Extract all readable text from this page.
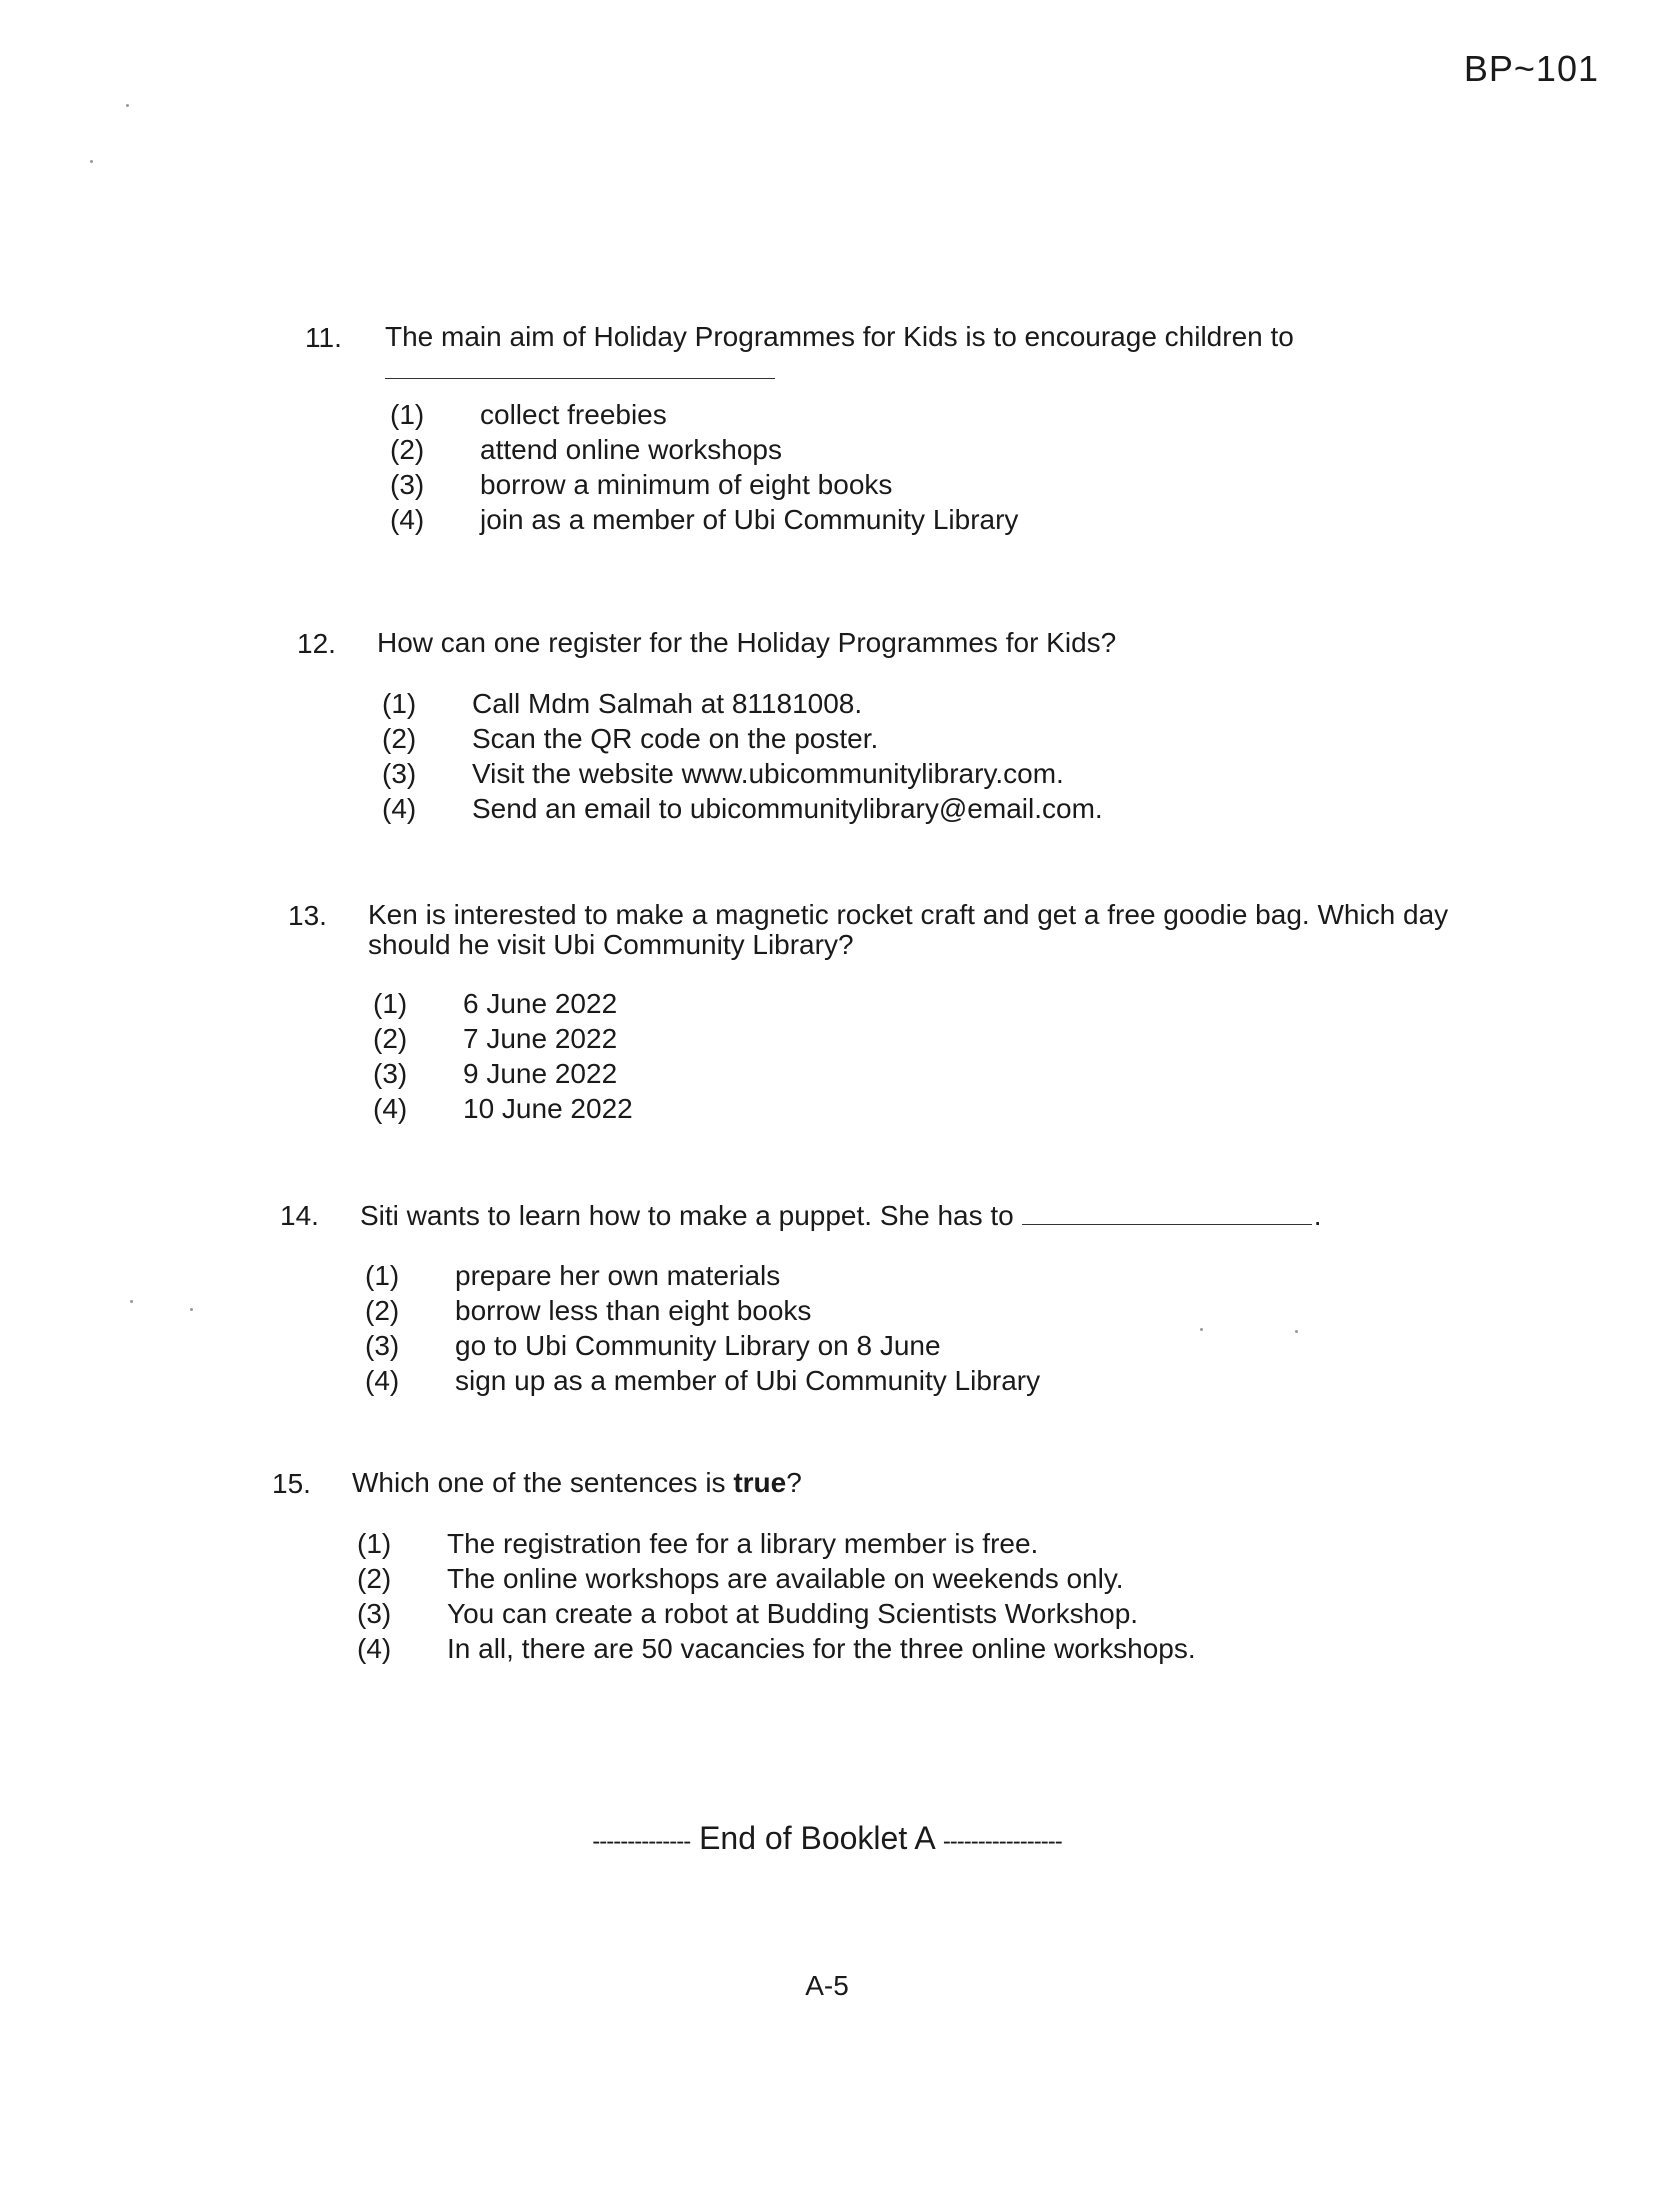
BP~101
11.	The main aim of Holiday Programmes for Kids is to encourage children to
(1)	collect freebies
(2)	attend online workshops
(3)	borrow a minimum of eight books
(4)	join as a member of Ubi Community Library
12.	How can one register for the Holiday Programmes for Kids?
(1)	Call Mdm Salmah at 81181008.
(2)	Scan the QR code on the poster.
(3)	Visit the website www.ubicommunitylibrary.com.
(4)	Send an email to ubicommunitylibrary@email.com.
13.	Ken is interested to make a magnetic rocket craft and get a free goodie bag. Which day
should he visit Ubi Community Library?
(1)	6 June 2022
(2)	7 June 2022
(3)	9 June 2022
(4)	10 June 2022
14.	Siti wants to learn how to make a puppet. She has to	.
(1)	prepare her own materials
(2)	borrow less than eight books
(3)	go to Ubi Community Library on 8 June
(4)	sign up as a member of Ubi Community Library
15.	Which one of the sentences is true?
(1)	The registration fee for a library member is free.
(2)	The online workshops are available on weekends only.
(3)	You can create a robot at Budding Scientists Workshop.
(4)	In all, there are 50 vacancies for the three online workshops.
-------------- End of Booklet A -----------------
A-5
